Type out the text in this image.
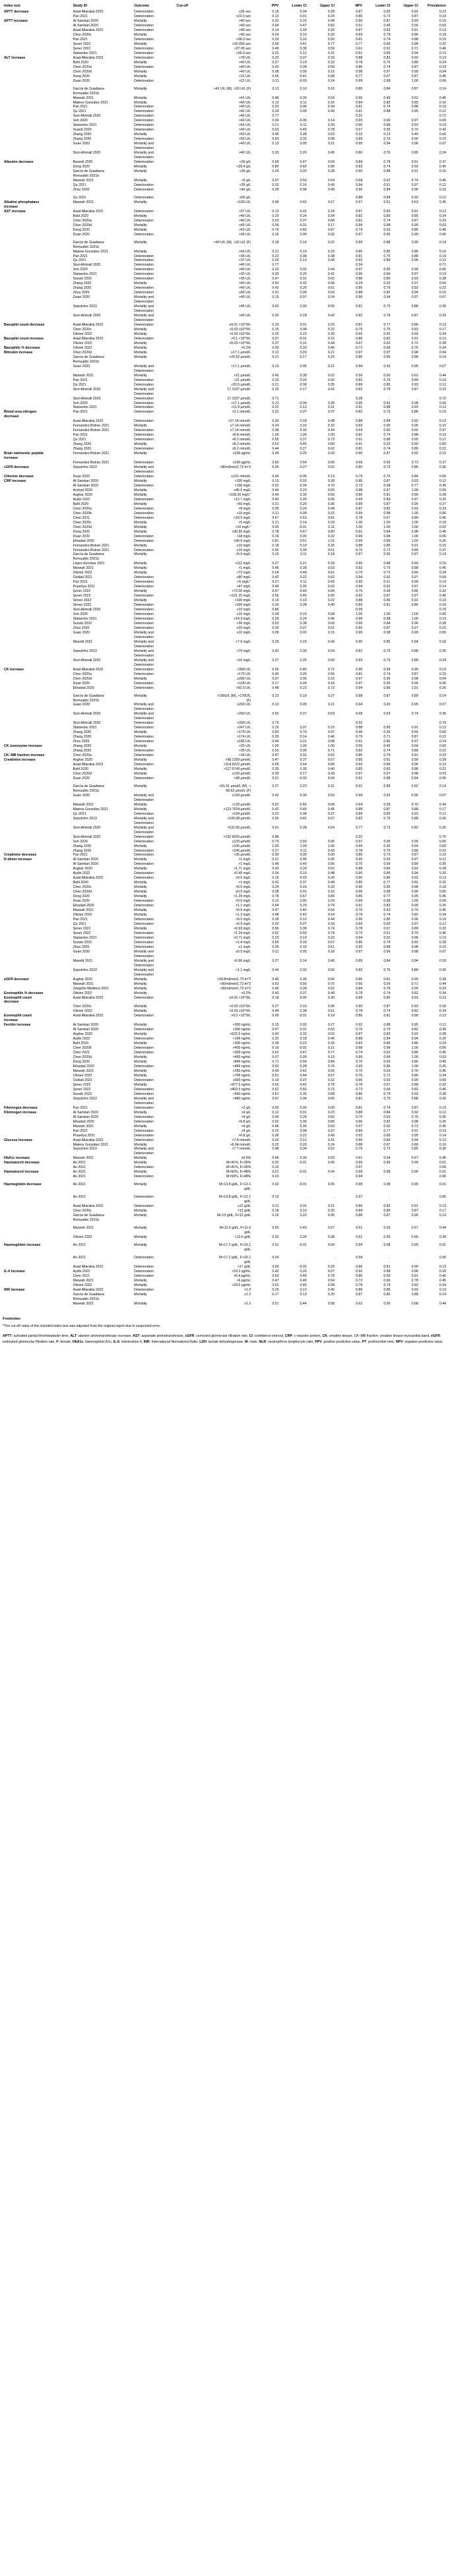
Index test	Study ID	Outcome	Cut-off	PPV	Lower CI	Upper CI	NPV	Lower CI	Upper CI	Prevalence

APTT decrease	Azad Allarakia 2022	Deterioration	≤26 sec	0.16	0.04	0.28	0.87	0.83	0.92	0.13

	Pan 2021	Deterioration	<22.0 sec	0.13	0.01	0.24	0.80	0.73	0.87	0.19

APTT increase	Al-Samkari 2020	Mortality	>40 sec	0.32	0.15	0.49	0.90	0.87	0.93	0.15

	Al-Samkari 2020	Deterioration	>40 sec	0.64	0.47	0.82	0.51	0.46	0.56	0.53

	Azad Allarakia 2022	Deterioration	>40 sec	0.14	0.03	0.25	0.87	0.83	0.91	0.13

	Chen 2020c	Mortality	>40 sec	0.24	0.15	0.32	0.83	0.79	0.86	0.18

	Pan 2021	Deterioration	>38.0 sec	0.33	0.16	0.50	0.81	0.74	0.88	0.19

	Şener 2022	Mortality	>32.050 sec	0.59	0.41	0.77	0.77	0.66	0.88	0.32

	Şener 2022	Deterioration	>37.05 sec	0.49	0.38	0.59	0.61	0.52	0.71	0.46

	Statsenko 2021	Deterioration	>39.9 sec	0.22	0.12	0.31	0.91	0.89	0.94	0.13

ALT increase	Azad Allarakia 2022	Deterioration	>78 U/L	0.20	0.07	0.33	0.88	0.83	0.92	0.13

	Bahl 2020	Mortality	>40 U/L	0.27	0.23	0.32	0.78	0.75	0.80	0.24

	Chen 2020a	Deterioration	>40 U/L	0.43	0.28	0.59	0.80	0.74	0.87	0.23

	Chen 2020d	Mortality	>40 U/L	0.08	0.00	0.15	0.98	0.97	0.99	0.04

	Dong 2020	Mortality	>22 U/L	0.55	0.41	0.68	0.77	0.67	0.87	0.45

	Duan 2020	Deterioration	>22 U/L	0.11	-0.03	0.24	0.99	0.98	1.00	0.06

	García de Guadiana-
Romualdo 2021b	Mortality	>41 U/L (M), >33 U/L (F)	0.13	0.10	0.16	0.85	0.84	0.87	0.14

	Marwah 2021	Mortality	>41 U/L	0.46	0.39	0.53	0.56	0.49	0.62	0.45

	Mateos González 2021	Mortality	>60 U/L	0.13	0.11	0.15	0.84	0.83	0.85	0.16

	Pan 2021	Deterioration	>40 U/L	0.20	0.06	0.34	0.81	0.74	0.88	0.19

	Qu 2021	Deterioration	>42 U/L	0.24	0.09	0.40	0.91	0.88	0.95	0.12

	Sisó-Almirall 2020	Deterioration	>40 U/L	0.77	.	.	0.31	.	.	0.72

	Soh 2020	Deterioration	>40 U/L	0.04	-0.06	0.14	0.93	0.90	0.97	0.06

	Statsenko 2021	Deterioration	>43 U/L	0.21	0.11	0.30	0.90	0.88	0.93	0.13

	Suardi 2020	Deterioration	>40 U/L	0.63	0.49	0.78	0.67	0.55	0.79	0.42

	Zhang 2020	Mortality	>50 U/L	0.45	0.28	0.63	0.32	0.23	0.40	0.60

	Zhang 2020	Deterioration	>50 U/L	0.50	0.32	0.68	0.83	0.76	0.90	0.22

	Guan 2020	Mortality and
Deterioration	>40 U/L	0.13	0.05	0.21	0.95	0.94	0.96	0.07

	Sisó-Almirall 2020	Mortality and
Deterioration	>40 U/L	0.33	0.20	0.45	0.80	0.76	0.85	0.24

Albumin decrease	Bassoli 2020	Deterioration	<30 g/L	0.58	0.47	0.69	0.84	0.78	0.91	0.37

	Dong 2020	Mortality	<29.4 g/L	0.80	0.69	0.90	0.83	0.74	0.92	0.45

	García de Guadiana-
Romualdo 2021b	Mortality	<35 g/L	0.24	0.20	0.28	0.90	0.88	0.91	0.15

	Marwah 2021	Mortality	<5 g/L	0.57	0.50	0.64	0.68	0.62	0.74	0.45

	Qu 2021	Deterioration	<35 g/L	0.33	0.16	0.49	0.94	0.91	0.97	0.12

	Zhou 2020	Deterioration	<40 g/L	0.28	0.06	0.49	0.90	0.84	0.96	0.15

	Qu 2021	Deterioration	≥55 g/L	.	.	.	0.88	0.84	0.92	0.12

Alkaline phosphatase
increase	Marwah 2021	Mortality	>130 U/L	0.49	0.42	0.57	0.57	0.51	0.63	0.45

AST increase	Azad Allarakia 2022	Deterioration	>37 U/L	0.13	0.02	0.24	0.87	0.83	0.91	0.13

	Bahl 2020	Mortality	>40 U/L	0.29	0.24	0.34	0.82	0.80	0.85	0.24

	Chen 2020a	Deterioration	>40 U/L	0.53	0.37	0.68	0.81	0.74	0.87	0.23

	Chen 2020d	Mortality	>40 U/L	0.09	0.01	0.17	0.99	0.98	0.99	0.03

	Dong 2020	Mortality	>43 U/L	0.76	0.65	0.87	0.74	0.63	0.85	0.45

	Duan 2020	Deterioration	>34 U/L	0.16	0.00	0.32	0.97	0.95	0.99	0.06

	García de Guadiana-
Romualdo 2021b	Mortality	>40 U/L (M), >32 U/L (F)	0.18	0.14	0.22	0.89	0.88	0.90	0.14

	Mateos González 2021	Mortality	>60 U/L	0.21	0.19	0.23	0.85	0.85	0.86	0.16

	Pan 2021	Deterioration	>35 U/L	0.23	0.08	0.38	0.81	0.75	0.88	0.19

	Qu 2021	Deterioration	>37 U/L	0.29	0.13	0.44	0.92	0.89	0.96	0.12

	Sisó-Almirall 2020	Deterioration	>40 U/L	0.77	.	.	0.34	.	.	0.71

	Soh 2020	Deterioration	>40 U/L	0.23	0.02	0.44	0.97	0.95	0.99	0.06

	Statsenko 2021	Deterioration	>32 U/L	0.30	0.20	0.41	0.96	0.94	0.97	0.13

	Suzuki 2022	Deterioration	>35 U/L	0.47	0.31	0.62	0.86	0.80	0.93	0.28

	Zhang 2020	Mortality	>40 U/L	0.50	0.32	0.68	0.29	0.20	0.37	0.60

	Zhang 2020	Deterioration	>40 U/L	0.43	0.26	0.61	0.86	0.79	0.92	0.22

	Zhou 2020	Deterioration	≥40 U/L	0.31	0.09	0.53	0.88	0.82	0.94	0.15

	Guan 2020	Mortality and
Deterioration	>40 U/L	0.15	0.07	0.24	0.96	0.94	0.97	0.07

	Sepulchre 2022	Mortality and
Deterioration	>45 U/L	0.43	0.30	0.55	0.81	0.75	0.88	0.30

	Sisó-Almirall 2020	Mortality and
Deterioration	>40 U/L	0.30	0.18	0.42	0.82	0.78	0.87	0.23

Basophil count decrease	Azad Allarakia 2022	Deterioration	≤0.01 ×10^9/L	0.10	0.01	0.20	0.81	0.77	0.86	0.13

	Chen 2020c	Mortality	<0.02 x10^9/L	0.15	0.08	0.22	0.79	0.75	0.83	0.17

	Olivieri 2022	Mortality	<0.02 x10^9/L	0.29	0.23	0.35	0.65	0.60	0.69	0.34

Basophil count increase	Azad Allarakia 2022	Deterioration	>0.1 ×10^9/L	0.07	-0.01	0.15	0.86	0.82	0.91	0.13

	Olivieri 2022	Mortality	>0.03 ×10^9/L	0.37	0.31	0.44	0.67	0.63	0.72	0.34

Basophils % decrease	Olivieri 2022	Mortality	<0.2%	0.39	0.33	0.46	0.72	0.68	0.76	0.34

Bilirubin increase	Chen 2020d	Mortality	≥17.1 µmol/L	0.12	0.03	0.21	0.97	0.97	0.98	0.04

	García de Guadiana-
Romualdo 2021b	Mortality	>20.52 µmol/L	0.21	0.17	0.25	0.86	0.85	0.88	0.14

	Guan 2020	Mortality and
Deterioration	>17.1 µmol/L	0.13	0.05	0.21	0.94	0.93	0.96	0.07

	Marwah 2021	Mortality	>21 µmol/L	0.45	0.38	0.52	0.56	0.50	0.62	0.44

	Pan 2021	Deterioration	>21 µmol/L	0.33	0.16	0.50	0.82	0.75	0.89	0.19

	Qu 2021	Deterioration	>20.5 µmol/L	0.21	0.06	0.35	0.89	0.85	0.93	0.12

	Sisó-Almirall 2020	Mortality and
Deterioration	17.1037 µmol/L	0.29	0.17	0.41	0.82	0.78	0.87	0.22

	Sisó-Almirall 2020	Deterioration	17.1037 µmol/L	0.71	.	.	0.28	.	.	0.72

	Soh 2020	Deterioration	>17.1 µmol/L	0.13	-0.04	0.30	0.95	0.92	0.98	0.06

	Statsenko 2021	Deterioration	>11.9 µmol/L	0.22	0.12	0.31	0.91	0.88	0.93	0.13

Blood urea nitrogen
decrease	Pan 2021	Deterioration	<3.1 mmol/L	0.22	0.07	0.37	0.82	0.75	0.88	0.19

	Azad Allarakia 2022	Deterioration	>27.14 mmol/L	0.33	0.18	0.49	0.88	0.84	0.92	0.13

	Fernandez-Botran 2021	Mortality	≥7.14 mmol/L	0.24	0.16	0.32	0.93	0.90	0.95	0.15

	Fernandez-Botran 2021	Deterioration	≥7.14 mmol/L	0.38	0.32	0.44	0.64	0.60	0.69	0.37

	Pan 2021	Deterioration	>8.8 mmol/L	1.00	1.00	1.00	0.81	0.74	0.88	0.19

	Qu 2021	Deterioration	>8.2 mmol/L	0.55	0.37	0.73	0.91	0.88	0.95	0.12

	Zhang 2020	Mortality	>8.2 mmol/L	0.63	0.45	0.80	0.41	0.32	0.50	0.60

	Zhang 2020	Deterioration	>8.2 mmol/L	0.44	0.27	0.62	0.81	0.74	0.89	0.22

Brain natriuretic peptide
increase	Fernandez-Botran 2021	Mortality	≥100 pg/mL	0.34	0.25	0.43	0.90	0.87	0.92	0.15

	Fernandez-Botran 2021	Deterioration	≥100 pg/mL	0.60	0.54	0.66	0.69	0.65	0.73	0.37

cGFR decrease	Sepulchre 2022	Mortality and
Deterioration	<80ml/min/1.73 m^2	0.39	0.27	0.52	0.80	0.73	0.86	0.30

Chlorine decrease	Duan 2020	Deterioration	≤101 mmol/L	0.04	-0.05	0.13	0.79	0.75	0.84	0.06

CRP increase	Al-Samkari 2020	Mortality	>100 mg/L	0.15	0.02	0.28	0.90	0.87	0.93	0.12

	Al-Samkari 2020	Deterioration	>100 mg/L	0.52	0.34	0.70	0.73	0.68	0.77	0.36

	Arshad 2020	Mortality	≥45.5 mg/L	0.44	0.23	0.65	0.98	0.97	1.00	0.09

	Asghar 2020	Mortality	>108.30 mg/L*	0.40	0.30	0.50	0.86	0.81	0.90	0.28

	Aydin 2022	Deterioration	>12.7 mg/L	0.40	0.25	0.55	0.93	0.89	0.97	0.20

	Bahl 2020	Mortality	>50 mg/L	0.31	0.26	0.36	0.89	0.87	0.90	0.27

	Chen 2020a	Deterioration	>8 mg/L	0.35	0.20	0.49	0.87	0.82	0.93	0.23

	Chen 2020b	Deterioration	>10 mg/L	0.11	0.00	0.22	0.99	0.98	1.00	0.06

	Chen 2021	Deterioration	>18.5 mg/L	0.67	0.53	0.81	0.78	0.67	0.89	0.45

	Chen 2020c	Mortality	>5 mg/L	0.21	0.14	0.29	1.00	1.00	1.00	0.18

	Chen 2020d	Mortality	>10 mg/L*	0.05	-0.01	0.11	1.00	1.00	1.00	0.03

	Dong 2020	Mortality	>30.95 mg/L	0.78	0.67	0.89	0.91	0.84	0.98	0.45

	Duan 2020	Deterioration	>18 mg/L	0.16	0.00	0.32	0.99	0.98	1.00	0.06

	Elhadad 2020	Deterioration	>90.5 mg/L	0.81	0.61	1.01	0.95	0.89	1.02	0.26

	Fernandez-Botran 2021	Mortality	≥10 mg/L	0.18	0.10	0.25	0.88	0.85	0.91	0.15

	Fernandez-Botran 2021	Deterioration	≥10 mg/L	0.45	0.39	0.51	0.76	0.72	0.80	0.37

	García de Guadiana-
Romualdo 2021b	Mortality	>5.0 mg/L	0.15	0.11	0.18	0.97	0.96	0.97	0.14

	López-Escobar 2021	Mortality	>112 mg/L	0.27	0.21	0.33	0.90	0.88	0.92	0.15

	Marwah 2021	Mortality	>1 mg/L	0.46	0.39	0.53	0.83	0.79	0.88	0.45

	Olivieri 2022	Mortality	>72 mg/L	0.54	0.48	0.61	0.76	0.72	0.80	0.34

	Ouldali 2021	Deterioration	≥80 mg/L	0.42	0.22	0.62	0.94	0.92	0.97	0.09

	Pan 2021	Deterioration	>6 mg/L*	0.27	0.11	0.43	0.95	0.91	0.99	0.19

	Prasetya 2021	Deterioration	>47 mg/L	0.49	0.35	0.62	0.94	0.92	0.97	0.14

	Şener 2022	Mortality	>73.00 mg/L	0.67	0.49	0.84	0.75	0.64	0.86	0.32

	Şener 2022	Deterioration	>101.15 mg/L	0.56	0.45	0.66	0.92	0.87	0.97	0.46

	Simon 2022	Mortality	>100 mg/L	0.16	0.10	0.22	0.88	0.86	0.91	0.13

	Simon 2022	Deterioration	>100 mg/L	0.34	0.28	0.40	0.83	0.81	0.86	0.24

	Sisó-Almirall 2020	Deterioration	>10 mg/L	0.86	.	.	0.39	.	.	0.70

	Soh 2020	Deterioration	≥10 mg/L	0.34	0.10	0.58	1.00	1.00	1.00	0.06

	Statsenko 2021	Deterioration	>14.3 mg/L	0.35	0.24	0.46	0.99	0.98	1.00	0.13

	Suzuki 2022	Deterioration	>36 mg/L	0.53	0.38	0.69	0.90	0.84	0.96	0.28

	Zhou 2020	Deterioration	≥20 mg/L	0.29	0.07	0.51	0.92	0.87	0.97	0.15

	Guan 2020	Mortality and
Deterioration	≥10 mg/L	0.09	0.02	0.15	0.99	0.98	0.99	0.06

	Masotti 2021	Mortality and
Deterioration	>7.6 mg/L	0.29	0.15	0.43	0.90	0.85	0.94	0.18

	Sepulchre 2022	Mortality and
Deterioration	>70 mg/L	0.42	0.30	0.54	0.82	0.75	0.88	0.30

	Sisó-Almirall 2020	Mortality and
Deterioration	>10 mg/L	0.37	0.25	0.50	0.83	0.79	0.88	0.24

CK increase	Azad Allarakia 2022	Deterioration	>308 U/L	0.56	0.40	0.72	0.96	0.94	0.99	0.13

	Chen 2020a	Deterioration	>170 U/L	0.40	0.25	0.55	0.81	0.74	0.87	0.23

	Chen 2020d	Mortality	≥200 U/L	0.07	0.00	0.15	0.97	0.96	0.98	0.04

	Duan 2020	Deterioration	>118 U/L	0.17	0.00	0.33	0.97	0.95	0.99	0.06

	Elhadad 2020	Deterioration	>92.5 U/L	0.48	0.23	0.73	0.94	0.86	1.01	0.26

	García de Guadiana-
Romualdo 2021b	Mortality	>190U/L (M), >170U/L
(F)	0.23	0.19	0.27	0.88	0.87	0.89	0.14

	Guan 2020	Mortality and
Deterioration	≥200 U/L	0.13	0.05	0.21	0.94	0.93	0.95	0.07

	Sisó-Almirall 2020	Mortality and
Deterioration	>200 U/L	0.50	0.37	0.63	0.68	0.63	0.74	0.35

	Sisó-Almirall 2020	Deterioration	>200 U/L	0.75	.	.	0.32	.	.	0.70

	Statsenko 2021	Deterioration	>247 U/L	0.15	0.07	0.23	0.88	0.85	0.91	0.13

	Zhang 2020	Mortality	>174 U/L	0.83	0.70	0.97	0.46	0.36	0.55	0.60

	Zhang 2020	Deterioration	>174 U/L	0.30	0.14	0.46	0.79	0.71	0.87	0.22

	Zhou 2020	Deterioration	≥180 U/L	0.44	0.21	0.68	0.91	0.86	0.97	0.14

CK isoenzyme increase	Zhang 2020	Mortality	>25 U/L	1.00	1.00	1.00	0.55	0.45	0.64	0.60

	Zhang 2020	Deterioration	>25 U/L	0.53	0.35	0.71	0.82	0.74	0.89	0.22

CK–MB fraction increase	Chen 2020a	Deterioration	>18 U/L	0.47	0.31	0.62	0.85	0.79	0.91	0.23

Creatinine increase	Asghar 2020	Mortality	>98.1259 µmol/L	0.47	0.37	0.57	0.85	0.81	0.90	0.28

	Azad Allarakia 2022	Deterioration	>114.9222 µmol/L	0.69	0.54	0.84	0.93	0.89	0.96	0.13

	Bahl 2020	Mortality	>117.5743 µmol/L	0.35	0.30	0.40	0.85	0.83	0.88	0.22

	Chen 2020d	Mortality	≥133 µmol/L	0.30	0.17	0.43	0.97	0.97	0.98	0.03

	Duan 2020	Deterioration	>68 µmol/L	0.01	-0.03	0.04	0.91	0.88	0.94	0.06

	García de Guadiana-
Romualdo 2021b	Mortality	>91.51 µmol/L (M), >
68.63 µmol/L (F)	0.27	0.23	0.31	0.91	0.89	0.92	0.14

	Guan 2020	Mortality and
Deterioration	≥133 µmol/L	0.42	0.30	0.53	0.94	0.92	0.95	0.07

	Marwah 2021	Mortality	>133 µmol/L	0.62	0.55	0.69	0.64	0.58	0.70	0.44

	Mateos González 2021	Mortality	>123.7624 µmol/L	0.42	0.40	0.45	0.88	0.87	0.88	0.17

	Qu 2021	Deterioration	>104 µmol/L	0.22	0.08	0.37	0.89	0.85	0.93	0.12

	Sepulchre 2022	Mortality and
Deterioration	>106.08 µmol/L	0.55	0.42	0.67	0.82	0.76	0.88	0.30

	Sisó-Almirall 2020	Mortality and
Deterioration	>132.60 µmol/L	0.41	0.28	0.54	0.77	0.72	0.82	0.25

	Sisó-Almirall 2020	Deterioration	>132.6025 µmol/L	0.88	.	.	0.32	.	.	0.70

	Soh 2020	Deterioration	≥133 µmol/L	0.73	0.50	0.95	0.97	0.95	0.99	0.06

	Zhang 2020	Mortality	>106 µmol/L	1.00	1.00	1.00	0.44	0.35	0.54	0.60

	Zhang 2020	Deterioration	>106 µmol/L	0.27	0.11	0.43	0.78	0.70	0.86	0.22

Creatinine decrease	Pan 2021	Deterioration	<35 µmol/L	0.00	0.00	0.00	0.80	0.73	0.87	0.19

D-dimer increase	Al-Samkari 2020	Mortality	>1 mg/L	0.21	0.06	0.36	0.95	0.93	0.97	0.12

	Al-Samkari 2020	Deterioration	>1 mg/L	0.48	0.40	0.56	0.75	0.69	0.80	0.36

	Asghar 2020	Mortality	>1.71 mg/L	0.43	0.33	0.52	0.88	0.84	0.92	0.28

	Aydin 2022	Deterioration	>0.45 mg/L	0.34	0.19	0.48	0.90	0.85	0.94	0.20

	Azad Allarakia 2022	Deterioration	>0.5 mg/L	0.15	0.03	0.26	0.90	0.86	0.93	0.13

	Bahl 2020	Mortality	>1 mg/L	0.42	0.37	0.48	0.80	0.77	0.82	0.32

	Chen 2020c	Mortality	>0.5 mg/L	0.24	0.16	0.33	0.96	0.95	0.98	0.18

	Chen 2020d	Mortality	≥0.5 mg/L	0.08	0.01	0.16	0.99	0.98	0.99	0.05

	Dong 2020	Mortality	>1.29 mg/L	0.78	0.67	0.89	0.86	0.77	0.95	0.45

	Duan 2020	Deterioration	>0.5 mg/L	0.12	0.00	0.24	0.99	0.98	1.00	0.06

	Elhadad 2020	Deterioration	>1.1 mg/L	0.54	0.29	0.79	0.91	0.83	0.99	0.26

	Marwah 2021	Mortality	>0.5 mg/L	0.47	0.40	0.54	0.70	0.63	0.76	0.45

	Olivieri 2022	Mortality	>1.2 mg/L	0.48	0.42	0.54	0.78	0.74	0.82	0.34

	Pan 2021	Deterioration	>0.5 mg/L	0.28	0.12	0.44	0.90	0.85	0.96	0.19

	Qu 2021	Deterioration	>0.5 mg/L	0.20	0.07	0.34	0.93	0.90	0.97	0.12

	Şener 2022	Mortality	>0.93 mg/L	0.56	0.38	0.74	0.78	0.67	0.89	0.32

	Şener 2022	Deterioration	>1.24 mg/L	0.62	0.50	0.74	0.70	0.61	0.79	0.46

	Statsenko 2021	Deterioration	>0.71 mg/L	0.23	0.13	0.32	0.94	0.92	0.96	0.13

	Suzuki 2022	Deterioration	>1.4 mg/L	0.50	0.33	0.67	0.86	0.79	0.92	0.28

	Zhou 2020	Deterioration	≥1 mg/L	0.39	0.16	0.61	0.93	0.88	0.98	0.15

	Guan 2020	Mortality and
Deterioration	≥0.5 mg/L	0.11	0.05	0.18	0.97	0.96	0.98	0.07

	Masotti 2021	Mortality and
Deterioration	>0.96 mg/L	0.27	0.14	0.40	0.89	0.84	0.94	0.18

	Sepulchre 2022	Mortality and
Deterioration	>1.1 mg/L	0.44	0.32	0.56	0.82	0.76	0.89	0.30

eGFR decrease	Asghar 2020	Mortality	<59.8ml/min/1.73 m^2	0.46	0.36	0.56	0.86	0.81	0.90	0.28

	Marwah 2021	Mortality	<60ml/min/1.73 m^2	0.63	0.56	0.70	0.65	0.59	0.71	0.44

	Zangrillo-Moliterni 2021	Mortality	<50ml/min/1.73 m^2	0.40	0.28	0.52	0.84	0.78	0.90	0.23

Eosinophils % decrease	Olivieri 2022	Mortality	<0.2%	0.43	0.37	0.49	0.78	0.74	0.82	0.34

Eosinophil count
decrease	Azad Allarakia 2022	Deterioration	≤0.02 ×10^9/L	0.18	0.06	0.30	0.89	0.85	0.93	0.13

	Chen 2020c	Mortality	<0.02 x10^9/L	0.27	0.19	0.36	0.90	0.87	0.93	0.18

	Olivieri 2022	Mortality	<0.01 x10^9/L	0.44	0.38	0.51	0.78	0.74	0.82	0.34

Eosinophil count
increase	Azad Allarakia 2022	Deterioration	>0.5 ×10^9/L	0.09	-0.01	0.19	0.86	0.81	0.90	0.13

Ferritin increase	Al-Samkari 2020	Mortality	>300 ng/mL	0.15	0.02	0.27	0.92	0.88	0.95	0.12

	Al-Samkari 2020	Deterioration	>300 ng/mL	0.47	0.31	0.63	0.76	0.70	0.82	0.36

	Asghar 2020	Mortality	>522.5 ng/mL	0.42	0.32	0.52	0.87	0.83	0.92	0.28

	Aydin 2022	Deterioration	>196 ng/mL	0.32	0.18	0.46	0.89	0.84	0.94	0.20

	Bahl 2020	Mortality	>300 ng/mL	0.28	0.23	0.33	0.83	0.80	0.86	0.24

	Chen 2020b	Deterioration	>400 ng/mL	0.10	-0.01	0.21	0.98	0.96	1.00	0.06

	Chen 2021	Deterioration	>300 ng/mL	0.62	0.47	0.77	0.74	0.62	0.85	0.45

	Chen 2020d	Mortality	>400 ng/mL	0.07	0.00	0.13	0.99	0.98	1.00	0.03

	Dong 2020	Mortality	>845 ng/mL	0.71	0.58	0.84	0.76	0.65	0.86	0.45

	Elhadad 2020	Deterioration	>465 ng/mL	0.52	0.28	0.76	0.93	0.86	1.00	0.26

	Marwah 2021	Mortality	>250 ng/mL	0.49	0.42	0.56	0.70	0.63	0.76	0.45

	Olivieri 2022	Mortality	>795 ng/mL	0.51	0.44	0.57	0.76	0.72	0.80	0.34

	Ouldali 2021	Deterioration	≥500 ng/mL	0.19	0.07	0.32	0.96	0.93	0.99	0.09

	Şener 2022	Mortality	>477.5 ng/mL	0.60	0.42	0.78	0.78	0.67	0.88	0.32

	Şener 2022	Deterioration	>403.5 ng/mL	0.62	0.50	0.73	0.73	0.64	0.82	0.46

	Suzuki 2022	Deterioration	>560 ng/mL	0.51	0.35	0.68	0.86	0.79	0.93	0.28

	Sepulchre 2022	Mortality and
Deterioration	>480 ng/mL	0.47	0.34	0.60	0.81	0.75	0.88	0.30

Fibrinogen decrease	Pan 2021	Deterioration	<2 g/L	0.00	0.00	0.00	0.81	0.74	0.87	0.19

Fibrinogen increase	Al-Samkari 2020	Mortality	>4 g/L	0.12	0.01	0.23	0.88	0.84	0.92	0.12

	Al-Samkari 2020	Deterioration	>4 g/L	0.44	0.28	0.60	0.70	0.63	0.76	0.36

	Elhadad 2020	Deterioration	>6.8 g/L	0.62	0.36	0.89	0.90	0.82	0.98	0.26

	Marwah 2021	Mortality	>4 g/L	0.46	0.39	0.53	0.67	0.60	0.73	0.45

	Pan 2021	Deterioration	>4 g/L	0.22	0.08	0.37	0.84	0.77	0.91	0.19

	Prasetya 2021	Deterioration	>6.8 g/L	0.36	0.22	0.49	0.92	0.89	0.95	0.14

Glucose increase	Azad Allarakia 2022	Deterioration	>7.8 mmol/L	0.26	0.12	0.41	0.90	0.86	0.94	0.13

	Mateos González 2021	Mortality	>6.94 mmol/L	0.22	0.20	0.24	0.88	0.87	0.89	0.16

	Sepulchre 2022	Mortality and
Deterioration	>7.7 mmol/L	0.48	0.34	0.62	0.79	0.73	0.85	0.30

HbA1c increase	Marwah 2021	Mortality	>6.5%	0.46	0.39	0.53	0.61	0.54	0.67	0.45

Haematocrit decrease	An 2021	Mortality	M<41%, F<36%	0.02	-0.01	0.06	0.99	0.99	0.99	0.01

	An 2021	Deterioration	M<41%, F<36%	0.15	.	.	0.97	.	.	0.06

Haematocrit increase	An 2021	Mortality	M>50%, F>48%	0.01	-0.01	0.04	0.99	0.98	0.99	0.01

	An 2021	Deterioration	M>50%, F>48%	0.03	.	.	0.94	.	.	0.06

Haemoglobin decrease	An 2021	Mortality	M<13.8 g/dL, F<12.1
g/dL	0.02	-0.01	0.05	0.99	0.98	0.99	0.01

	An 2021	Deterioration	M<13.8 g/dL, F<12.1
g/dL	0.13	.	.	0.97	.	.	0.06

	Azad Allarakia 2022	Deterioration	≤12 g/dL	0.11	0.01	0.21	0.86	0.82	0.91	0.13

	Chen 2020c	Mortality	<13 g/dL	0.18	0.10	0.25	0.84	0.80	0.87	0.17

	García de Guadiana-
Romualdo 2021b	Mortality	M<13 g/dL, F<12 g/dL	0.26	0.22	0.30	0.88	0.87	0.90	0.14

	Marwah 2021	Mortality	M<12.5 g/dL, F<11.5
g/dL	0.50	0.43	0.57	0.61	0.55	0.67	0.44

	Olivieri 2022	Mortality	<12.6 g/dL	0.32	0.26	0.38	0.61	0.56	0.66	0.34

Haemoglobin increase	An 2021	Mortality	M>17.2 g/dL, F>15.1
g/dL	0.01	-0.01	0.04	0.99	0.98	0.99	0.01

	An 2021	Deterioration	M>17.2 g/dL, F>15.1
g/dL	0.04	.	.	0.94	.	.	0.06

	Azad Allarakia 2022	Deterioration	>17 g/dL	0.09	-0.02	0.20	0.86	0.81	0.90	0.13

IL-6 increase	Aydin 2022	Deterioration	>19.2 pg/mL	0.42	0.26	0.57	0.92	0.88	0.96	0.20

	Chen 2021	Deterioration	>6.4 pg/mL	0.63	0.49	0.78	0.80	0.69	0.91	0.45

	Marwah 2021	Mortality	>6 pg/mL	0.47	0.40	0.54	0.72	0.66	0.78	0.45

	Olivieri 2022	Mortality	>29.6 pg/mL	0.52	0.46	0.58	0.78	0.74	0.82	0.34

INR increase	Azad Allarakia 2022	Deterioration	>1.2	0.26	0.12	0.40	0.89	0.85	0.93	0.13

	García de Guadiana-
Romualdo 2021b	Mortality	≥1.2	0.17	0.13	0.20	0.87	0.85	0.88	0.14

	Marwah 2021	Mortality	>1.2	0.51	0.44	0.58	0.62	0.56	0.68	0.44
Footnotes

*The cut-off value of the included index test was adjusted from the original report due to suspected error.

APTT: activated partial thromboplastin time, ALT: alanine aminotransferase increase, AST: aspartate aminotransferase, cGFR: corrected glomerular filtration rate, CI: confidence interval, CRP: c-reactive protein, CK: creatine kinase, CK–MB fraction: creatine kinase myocardial band, eGFR: estimated glomerular filtration rate, F: female, HbA1c: haemoglobin A1c, IL-6: interleukine 6, INR: International Normalized Ratio, LDH: lactate dehydrogenase, M: male, NLR: neutrophil-to-lymphocyte ratio, PPV: positive predictive value, PT: prothrombin time, NPV: negative predictive value
